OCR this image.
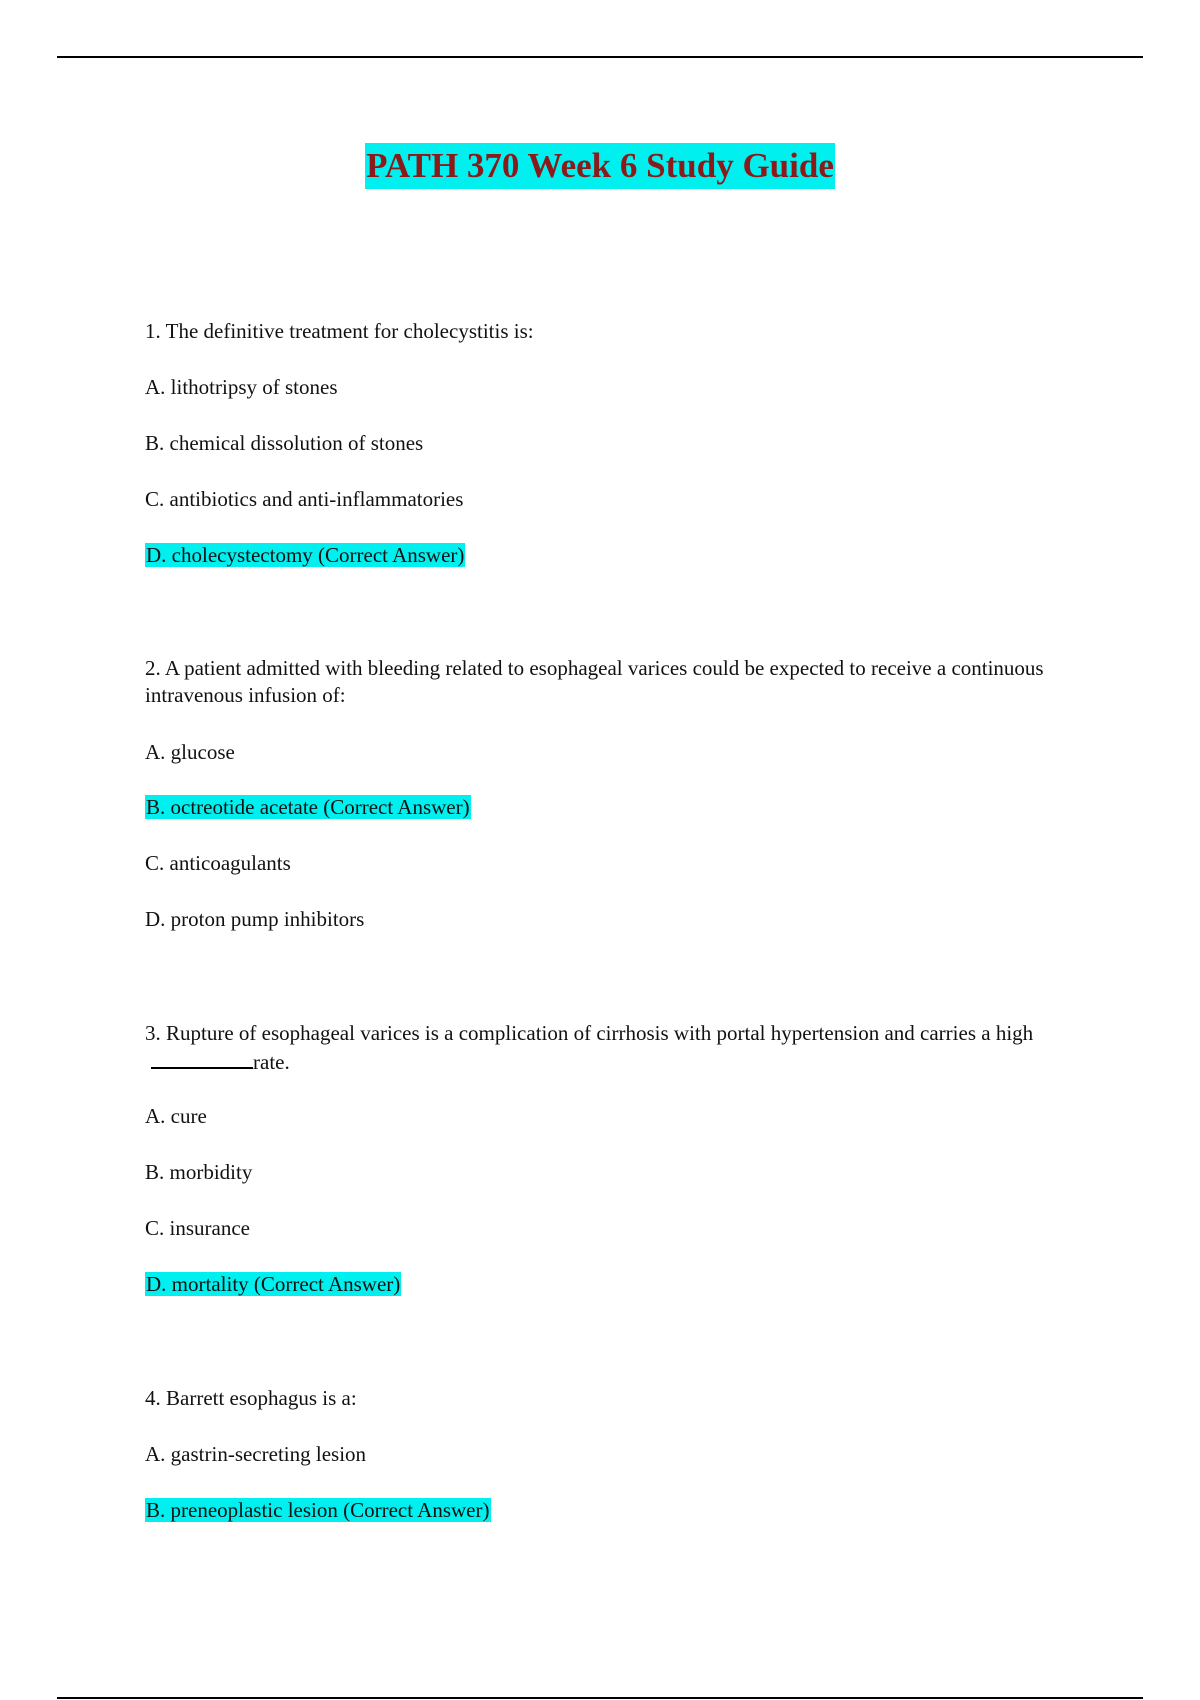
PATH 370 Week 6 Study Guide
1. The definitive treatment for cholecystitis is:
A. lithotripsy of stones
B. chemical dissolution of stones
C. antibiotics and anti-inflammatories
D. cholecystectomy (Correct Answer)
2. A patient admitted with bleeding related to esophageal varices could be expected to receive a continuous intravenous infusion of:
A. glucose
B. octreotide acetate (Correct Answer)
C. anticoagulants
D. proton pump inhibitors
3. Rupture of esophageal varices is a complication of cirrhosis with portal hypertension and carries a highrate.
A. cure
B. morbidity
C. insurance
D. mortality (Correct Answer)
4. Barrett esophagus is a:
A. gastrin-secreting lesion
B. preneoplastic lesion (Correct Answer)
